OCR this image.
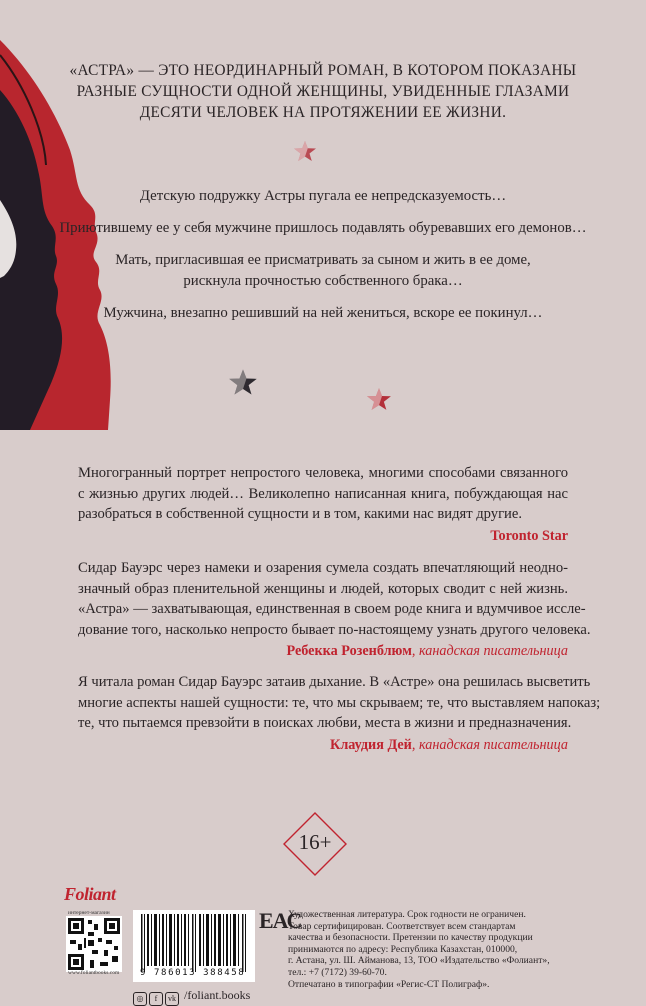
«АСТРА» — ЭТО НЕОРДИНАРНЫЙ РОМАН, В КОТОРОМ ПОКАЗАНЫ
РАЗНЫЕ СУЩНОСТИ ОДНОЙ ЖЕНЩИНЫ, УВИДЕННЫЕ ГЛАЗАМИ
ДЕСЯТИ ЧЕЛОВЕК НА ПРОТЯЖЕНИИ ЕЕ ЖИЗНИ.

Детскую подружку Астры пугала ее непредсказуемость…

Приютившему ее у себя мужчине пришлось подавлять обуревавших его демонов…

Мать, пригласившая ее присматривать за сыном и жить в ее доме,

рискнула прочностью собственного брака…

Мужчина, внезапно решивший на ней жениться, вскоре ее покинул…

Многогранный портрет непростого человека, многими способами связанного
с жизнью других людей… Великолепно написанная книга, побуждающая нас
разобраться в собственной сущности и в том, какими нас видят другие.
Toronto Star
Сидар Бауэрс через намеки и озарения сумела создать впечатляющий неодно-
значный образ пленительной женщины и людей, которых сводит с ней жизнь.
«Астра» — захватывающая, единственная в своем роде книга и вдумчивое иссле-
дование того, насколько непросто бывает по-настоящему узнать другого человека.
Ребекка Розенблюм, канадская писательница
Я читала роман Сидар Бауэрс затаив дыхание. В «Астре» она решилась высветить
многие аспекты нашей сущности: те, что мы скрываем; те, что выставляем напоказ;
те, что пытаемся превзойти в поисках любви, места в жизни и предназначения.
Клаудия Дей, канадская писательница
16+
Foliant
интернет-магазин
www.foliantbooks.com 9 786013 388458
ЕАС
Художественная литература. Срок годности не ограничен.
Товар сертифицирован. Соответствует всем стандартам
качества и безопасности. Претензии по качеству продукции
принимаются по адресу: Республика Казахстан, 010000,
г. Астана, ул. Ш. Айманова, 13, ТОО «Издательство «Фолиант»,
тел.: +7 (7172) 39-60-70.
Отпечатано в типографии «Регис-СТ Полиграф».
◎ f vk /foliant.books
